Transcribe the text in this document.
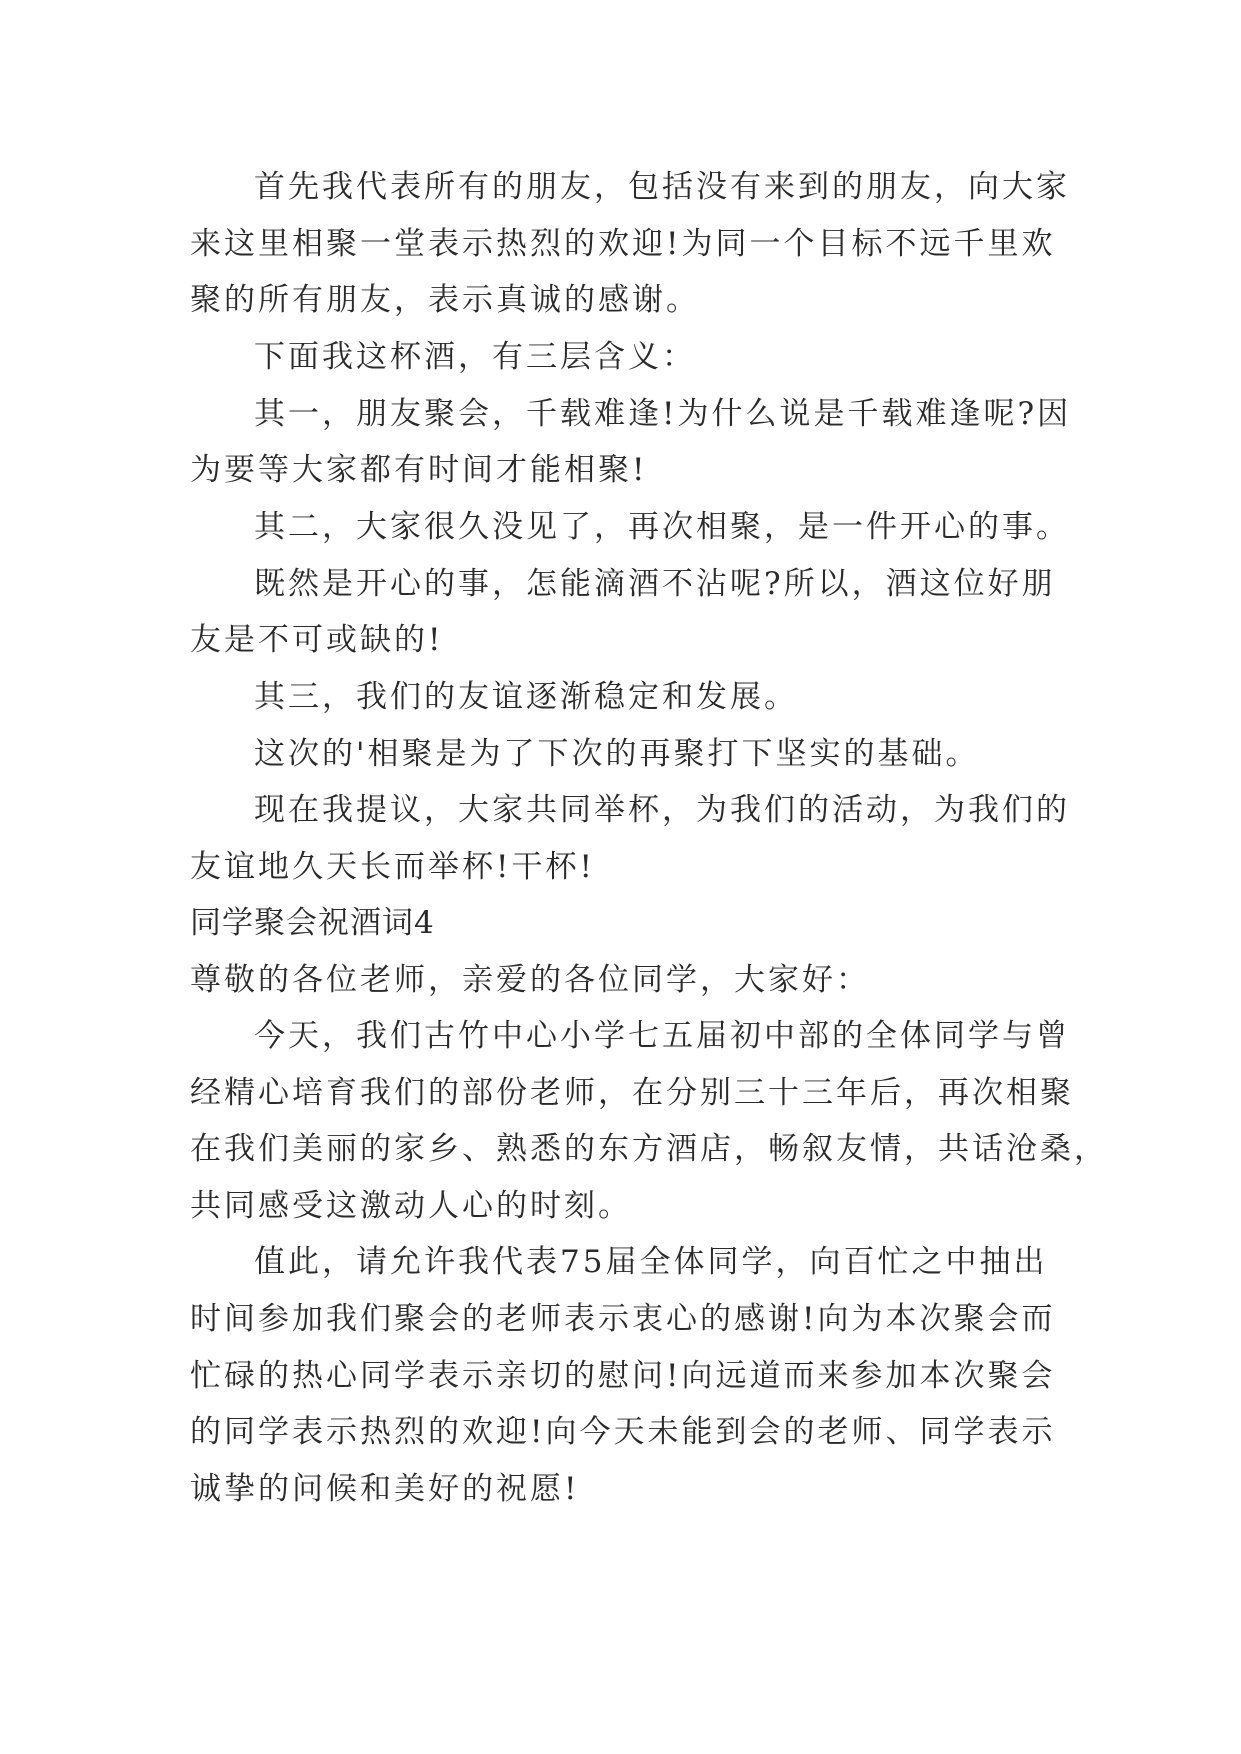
首先我代表所有的朋友，包括没有来到的朋友，向大家
来这里相聚一堂表示热烈的欢迎!为同一个目标不远千里欢
聚的所有朋友，表示真诚的感谢。
下面我这杯酒，有三层含义：
其一，朋友聚会，千载难逢!为什么说是千载难逢呢?因
为要等大家都有时间才能相聚!
其二，大家很久没见了，再次相聚，是一件开心的事。
既然是开心的事，怎能滴酒不沾呢?所以，酒这位好朋
友是不可或缺的!
其三，我们的友谊逐渐稳定和发展。
这次的'相聚是为了下次的再聚打下坚实的基础。
现在我提议，大家共同举杯，为我们的活动，为我们的
友谊地久天长而举杯!干杯!
同学聚会祝酒词4
尊敬的各位老师，亲爱的各位同学，大家好：
今天，我们古竹中心小学七五届初中部的全体同学与曾
经精心培育我们的部份老师，在分别三十三年后，再次相聚
在我们美丽的家乡、熟悉的东方酒店，畅叙友情，共话沧桑，
共同感受这激动人心的时刻。
值此，请允许我代表75届全体同学，向百忙之中抽出
时间参加我们聚会的老师表示衷心的感谢!向为本次聚会而
忙碌的热心同学表示亲切的慰问!向远道而来参加本次聚会
的同学表示热烈的欢迎!向今天未能到会的老师、同学表示
诚挚的问候和美好的祝愿!
